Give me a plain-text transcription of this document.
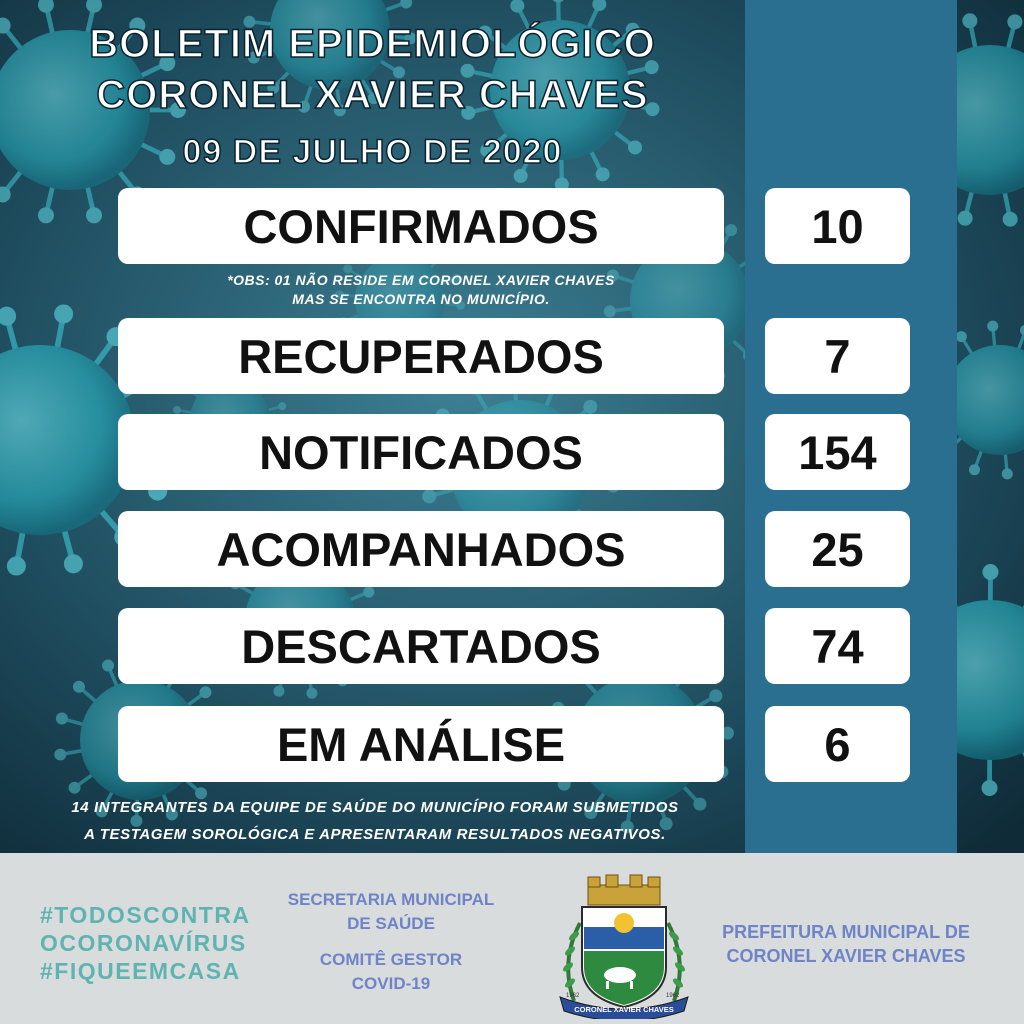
BOLETIM EPIDEMIOLÓGICO
CORONEL XAVIER CHAVES
09 DE JULHO DE 2020
CONFIRMADOS	10
*OBS: 01 NÃO RESIDE EM CORONEL XAVIER CHAVES
MAS SE ENCONTRA NO MUNICÍPIO.
RECUPERADOS	7
NOTIFICADOS	154
ACOMPANHADOS	25
DESCARTADOS	74
EM ANÁLISE	6
14 INTEGRANTES DA EQUIPE DE SAÚDE DO MUNICÍPIO FORAM SUBMETIDOS
A TESTAGEM SOROLÓGICA E APRESENTARAM RESULTADOS NEGATIVOS.
#TODOSCONTRA
OCORONAVÍRUS
#FIQUEEMCASA
SECRETARIA MUNICIPAL
DE SAÚDE
COMITÊ GESTOR
COVID-19
CORONEL XAVIER CHAVES
1962	1962
PREFEITURA MUNICIPAL DE
CORONEL XAVIER CHAVES
